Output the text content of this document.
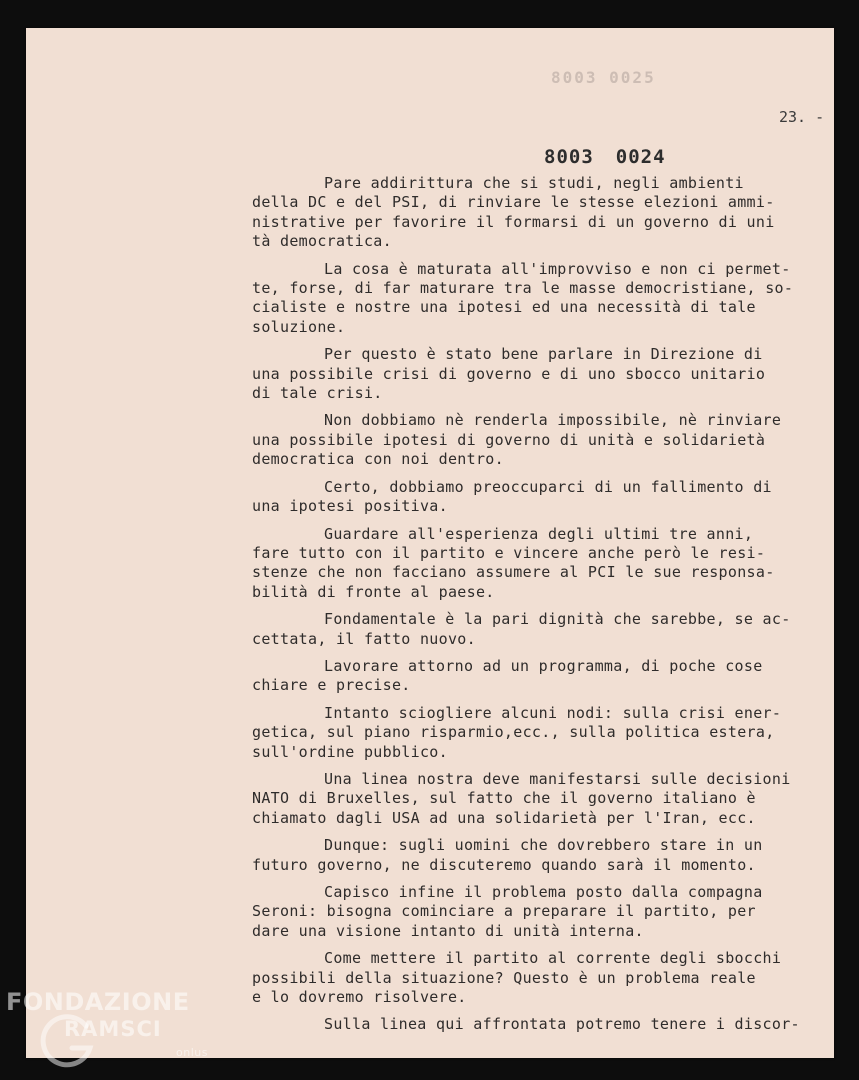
8003 0025
23. -
8003 0024

Pare addirittura che si studi, negli ambienti
della DC e del PSI, di rinviare le stesse elezioni ammi-
nistrative per favorire il formarsi di un governo di uni
tà democratica.

La cosa è maturata all'improvviso e non ci permet-
te, forse, di far maturare tra le masse democristiane, so-
cialiste e nostre una ipotesi ed una necessità di tale
soluzione.

Per questo è stato bene parlare in Direzione di
una possibile crisi di governo e di uno sbocco unitario
di tale crisi.

Non dobbiamo nè renderla impossibile, nè rinviare
una possibile ipotesi di governo di unità e solidarietà
democratica con noi dentro.

Certo, dobbiamo preoccuparci di un fallimento di
una ipotesi positiva.

Guardare all'esperienza degli ultimi tre anni,
fare tutto con il partito e vincere anche però le resi-
stenze che non facciano assumere al PCI le sue responsa-
bilità di fronte al paese.

Fondamentale è la pari dignità che sarebbe, se ac-
cettata, il fatto nuovo.

Lavorare attorno ad un programma, di poche cose
chiare e precise.

Intanto sciogliere alcuni nodi: sulla crisi ener-
getica, sul piano risparmio,ecc., sulla politica estera,
sull'ordine pubblico.

Una linea nostra deve manifestarsi sulle decisioni
NATO di Bruxelles, sul fatto che il governo italiano è
chiamato dagli USA ad una solidarietà per l'Iran, ecc.

Dunque: sugli uomini che dovrebbero stare in un
futuro governo, ne discuteremo quando sarà il momento.

Capisco infine il problema posto dalla compagna
Seroni: bisogna cominciare a preparare il partito, per
dare una visione intanto di unità interna.

Come mettere il partito al corrente degli sbocchi
possibili della situazione? Questo è un problema reale
e lo dovremo risolvere.

Sulla linea qui affrontata potremo tenere i discor-

FONDAZIONE
RAMSCI
onlus
